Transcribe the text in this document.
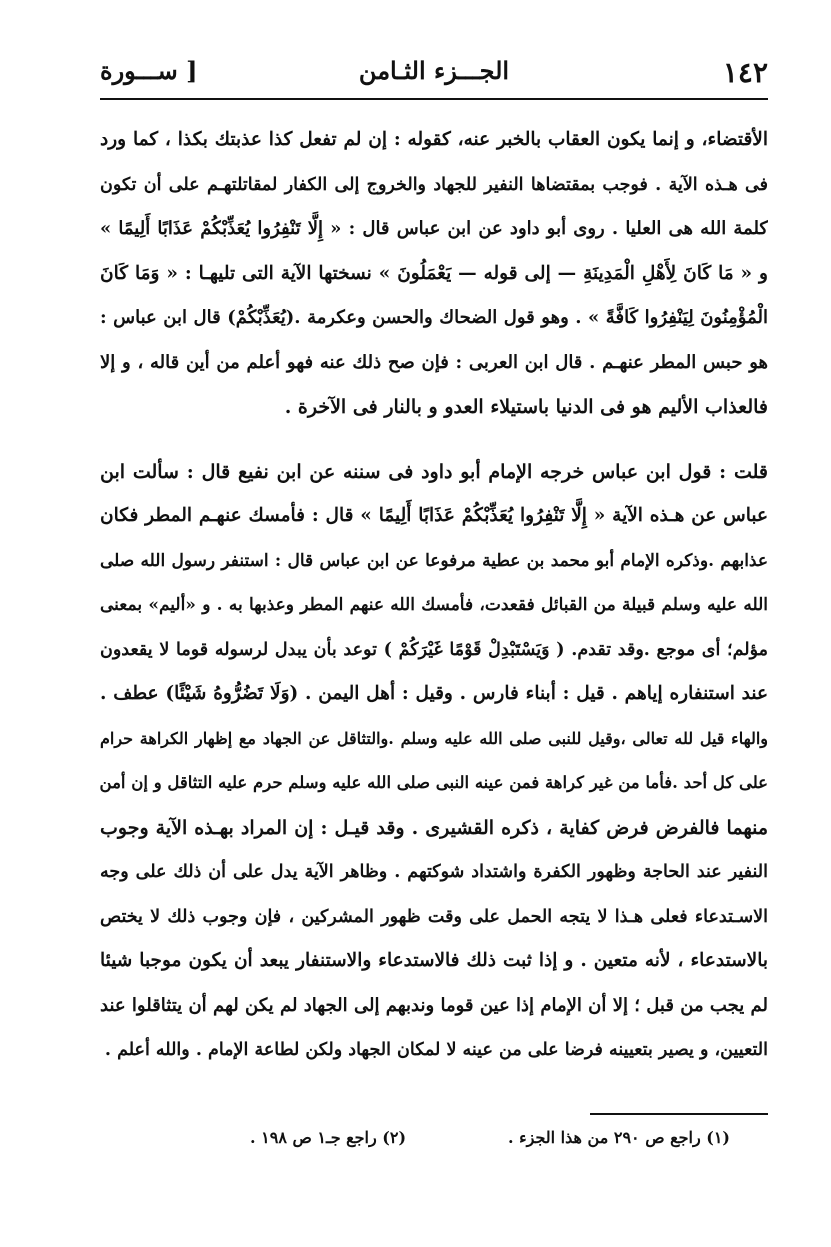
١٤٢
الجـــزء الثـامن
[ ســـورة
الأقتضاء، و إنما يكون العقاب بالخبر عنه، كقوله : إن لم تفعل كذا عذبتك بكذا ، كما ورد
فى هـذه الآية . فوجب بمقتضاها النفير للجهاد والخروج إلى الكفار لمقاتلتهـم على أن تكون
كلمة الله هى العليا . روى أبو داود عن ابن عباس قال : « إِلَّا تَنْفِرُوا يُعَذِّبْكُمْ عَذَابًا أَلِيمًا »
و « مَا كَانَ لِأَهْلِ الْمَدِينَةِ — إلى قوله — يَعْمَلُونَ » نسختها الآية التى تليهـا : « وَمَا كَانَ
الْمُؤْمِنُونَ لِيَنْفِرُوا كَافَّةً » . وهو قول الضحاك والحسن وعكرمة .(يُعَذِّبْكُمْ) قال ابن عباس :
هو حبس المطر عنهـم . قال ابن العربى : فإن صح ذلك عنه فهو أعلم من أين قاله ، و إلا
فالعذاب الأليم هو فى الدنيا باستيلاء العدو و بالنار فى الآخرة .
قلت : قول ابن عباس خرجه الإمام أبو داود فى سننه عن ابن نفيع قال : سألت ابن
عباس عن هـذه الآية « إِلَّا تَنْفِرُوا يُعَذِّبْكُمْ عَذَابًا أَلِيمًا » قال : فأمسك عنهـم المطر فكان
عذابهم .وذكره الإمام أبو محمد بن عطية مرفوعا عن ابن عباس قال : استنفر رسول الله صلى
الله عليه وسلم قبيلة من القبائل فقعدت، فأمسك الله عنهم المطر وعذبها به . و «أليم» بمعنى
مؤلم؛ أى موجع .وقد تقدم. ( وَيَسْتَبْدِلْ قَوْمًا غَيْرَكُمْ ) توعد بأن يبدل لرسوله قوما لا يقعدون
عند استنفاره إياهم . قيل : أبناء فارس . وقيل : أهل اليمن . (وَلَا تَضُرُّوهُ شَيْئًا) عطف .
والهاء قيل لله تعالى ،وقيل للنبى صلى الله عليه وسلم .والتثاقل عن الجهاد مع إظهار الكراهة حرام
على كل أحد .فأما من غير كراهة فمن عينه النبى صلى الله عليه وسلم حرم عليه التثاقل و إن أمن
منهما فالفرض فرض كفاية ، ذكره القشيرى . وقد قيـل : إن المراد بهـذه الآية وجوب
النفير عند الحاجة وظهور الكفرة واشتداد شوكتهم . وظاهر الآية يدل على أن ذلك على وجه
الاسـتدعاء فعلى هـذا لا يتجه الحمل على وقت ظهور المشركين ، فإن وجوب ذلك لا يختص
بالاستدعاء ، لأنه متعين . و إذا ثبت ذلك فالاستدعاء والاستنفار يبعد أن يكون موجبا شيئا
لم يجب من قبل ؛ إلا أن الإمام إذا عين قوما وندبهم إلى الجهاد لم يكن لهم أن يتثاقلوا عند
التعيين، و يصير بتعيينه فرضا على من عينه لا لمكان الجهاد ولكن لطاعة الإمام . والله أعلم .
(١) راجع ص ٢٩٠ من هذا الجزء .
(٢) راجع جـ١ ص ١٩٨ .
